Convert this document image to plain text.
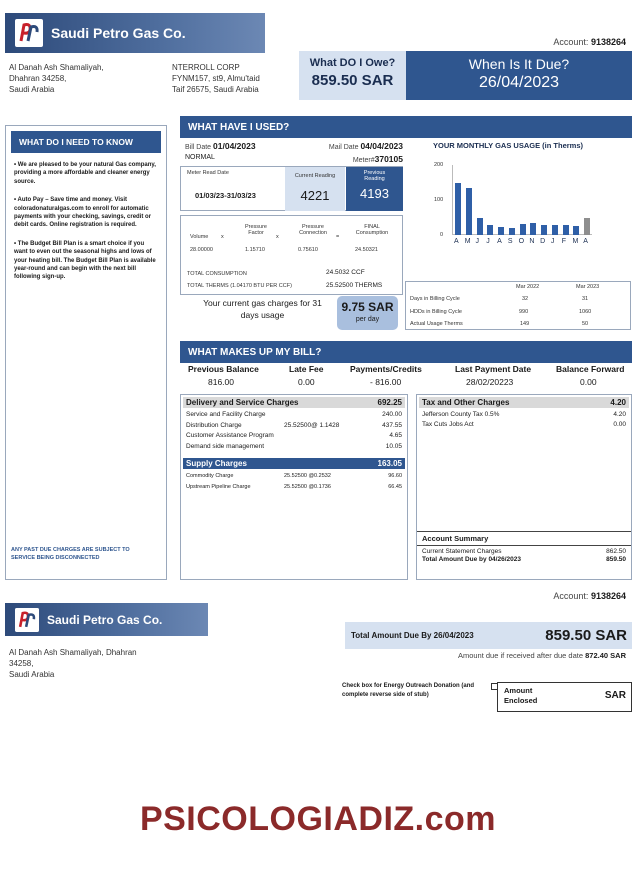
Saudi Petro Gas Co.
Al Danah Ash Shamaliyah,
Dhahran 34258,
Saudi Arabia
NTERROLL CORP
FYNM157, st9, Almu'taid
Taif 26575, Saudi Arabia
Account: 9138264
What DO I Owe?
859.50 SAR
When Is It Due?
26/04/2023
WHAT DO I NEED TO KNOW
• We are pleased to be your natural Gas company, providing a more affordable and cleaner energy source.
• Auto Pay – Save time and money. Visit coloradonaturalgas.com to enroll for automatic payments with your checking, savings, credit or debit cards. Online registration is required.
• The Budget Bill Plan is a smart choice if you want to even out the seasonal highs and lows of your heating bill. The Budget Bill Plan is available year-round and can begin with the next bill following sign-up.
ANY PAST DUE CHARGES ARE SUBJECT TO SERVICE BEING DISCONNECTED
WHAT HAVE I USED?
Bill Date 01/04/2023	Mail Date 04/04/2023
NORMAL	Meter#370105
Meter Read Date
01/03/23-31/03/23
Current Reading
4221
Previous Reading
4193
Volume x
Pressure Factor
x
Pressure Connection
=
FINAL Consumption
28.00000	1.15710	0.75610	24.50321
TOTAL CONSUMPTION	24.5032 CCF
TOTAL THERMS (1.04170 BTU PER CCF)	25.52500 THERMS
Your current gas charges for 31 days usage
9.75 SAR
per day
YOUR MONTHLY GAS USAGE (in Therms)
200
100
0
A M J J A S O N D J F M A
Mar 2022	Mar 2023
Days in Billing Cycle	32	31
HDDs in Billing Cycle	990	1060
Actual Usage Therms	149	50
WHAT MAKES UP MY BILL?
Previous Balance	Late Fee	Payments/Credits	Last Payment Date	Balance Forward
816.00	0.00	- 816.00	28/02/20223	0.00
Delivery and Service Charges	692.25
Service and Facility Charge	240.00
Distribution Charge	25.52500@ 1.1428	437.55
Customer Assistance Program	4.65
Demand side management	10.05
Supply Charges	163.05
Commodity Charge	25.52500 @0.2532	96.60
Upstream Pipeline Charge	25.52500 @0.1736	66.45
Tax and Other Charges	4.20
Jefferson County Tax 0.5%	4.20
Tax Cuts Jobs Act	0.00
Account Summary
Current Statement Charges	862.50
Total Amount Due by 04/26/2023	859.50
Account: 9138264
Saudi Petro Gas Co.
Al Danah Ash Shamaliyah, Dhahran
34258,
Saudi Arabia
Total Amount Due By 26/04/2023	859.50 SAR
Amount due if received after due date 872.40 SAR
Check box for Energy Outreach Donation (and complete reverse side of stub)	Amount Enclosed	SAR
PSICOLOGIADIZ.com
